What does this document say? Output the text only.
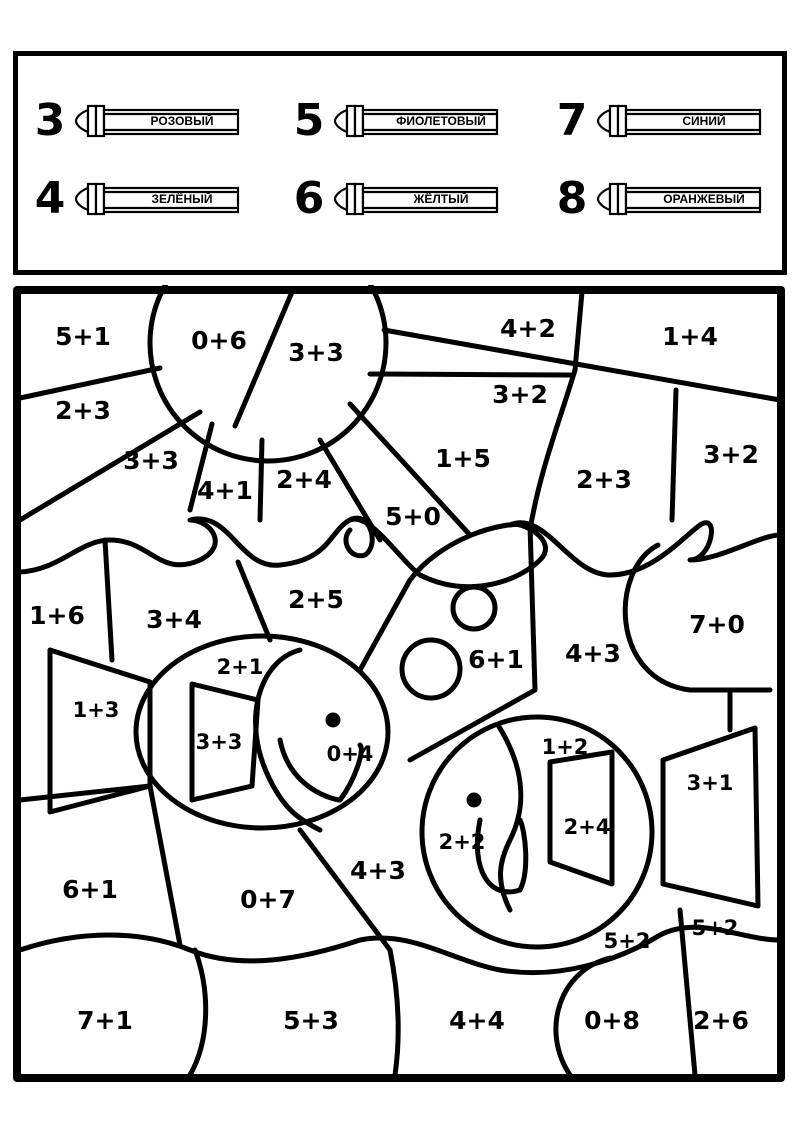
3	РОЗОВЫЙ	5	ФИОЛЕТОВЫЙ 7	СИНИЙ
4	ЗЕЛЁНЫЙ	6	ЖЁЛТЫЙ	8	ОРАНЖЕВЫЙ
5+1	0+6 3+3
4+2	1+4
2+3
3+2
3+3
4+1 2+4
1+5
2+3
3+2
5+0
1+6 3+4
2+5
7+0
4+3
6+1
2+1
1+3
3+3	0+4	1+2
3+1
2+4
2+2
6+1	0+7
4+3
5+2
5+2
7+1	5+3	4+4	0+8 2+6
